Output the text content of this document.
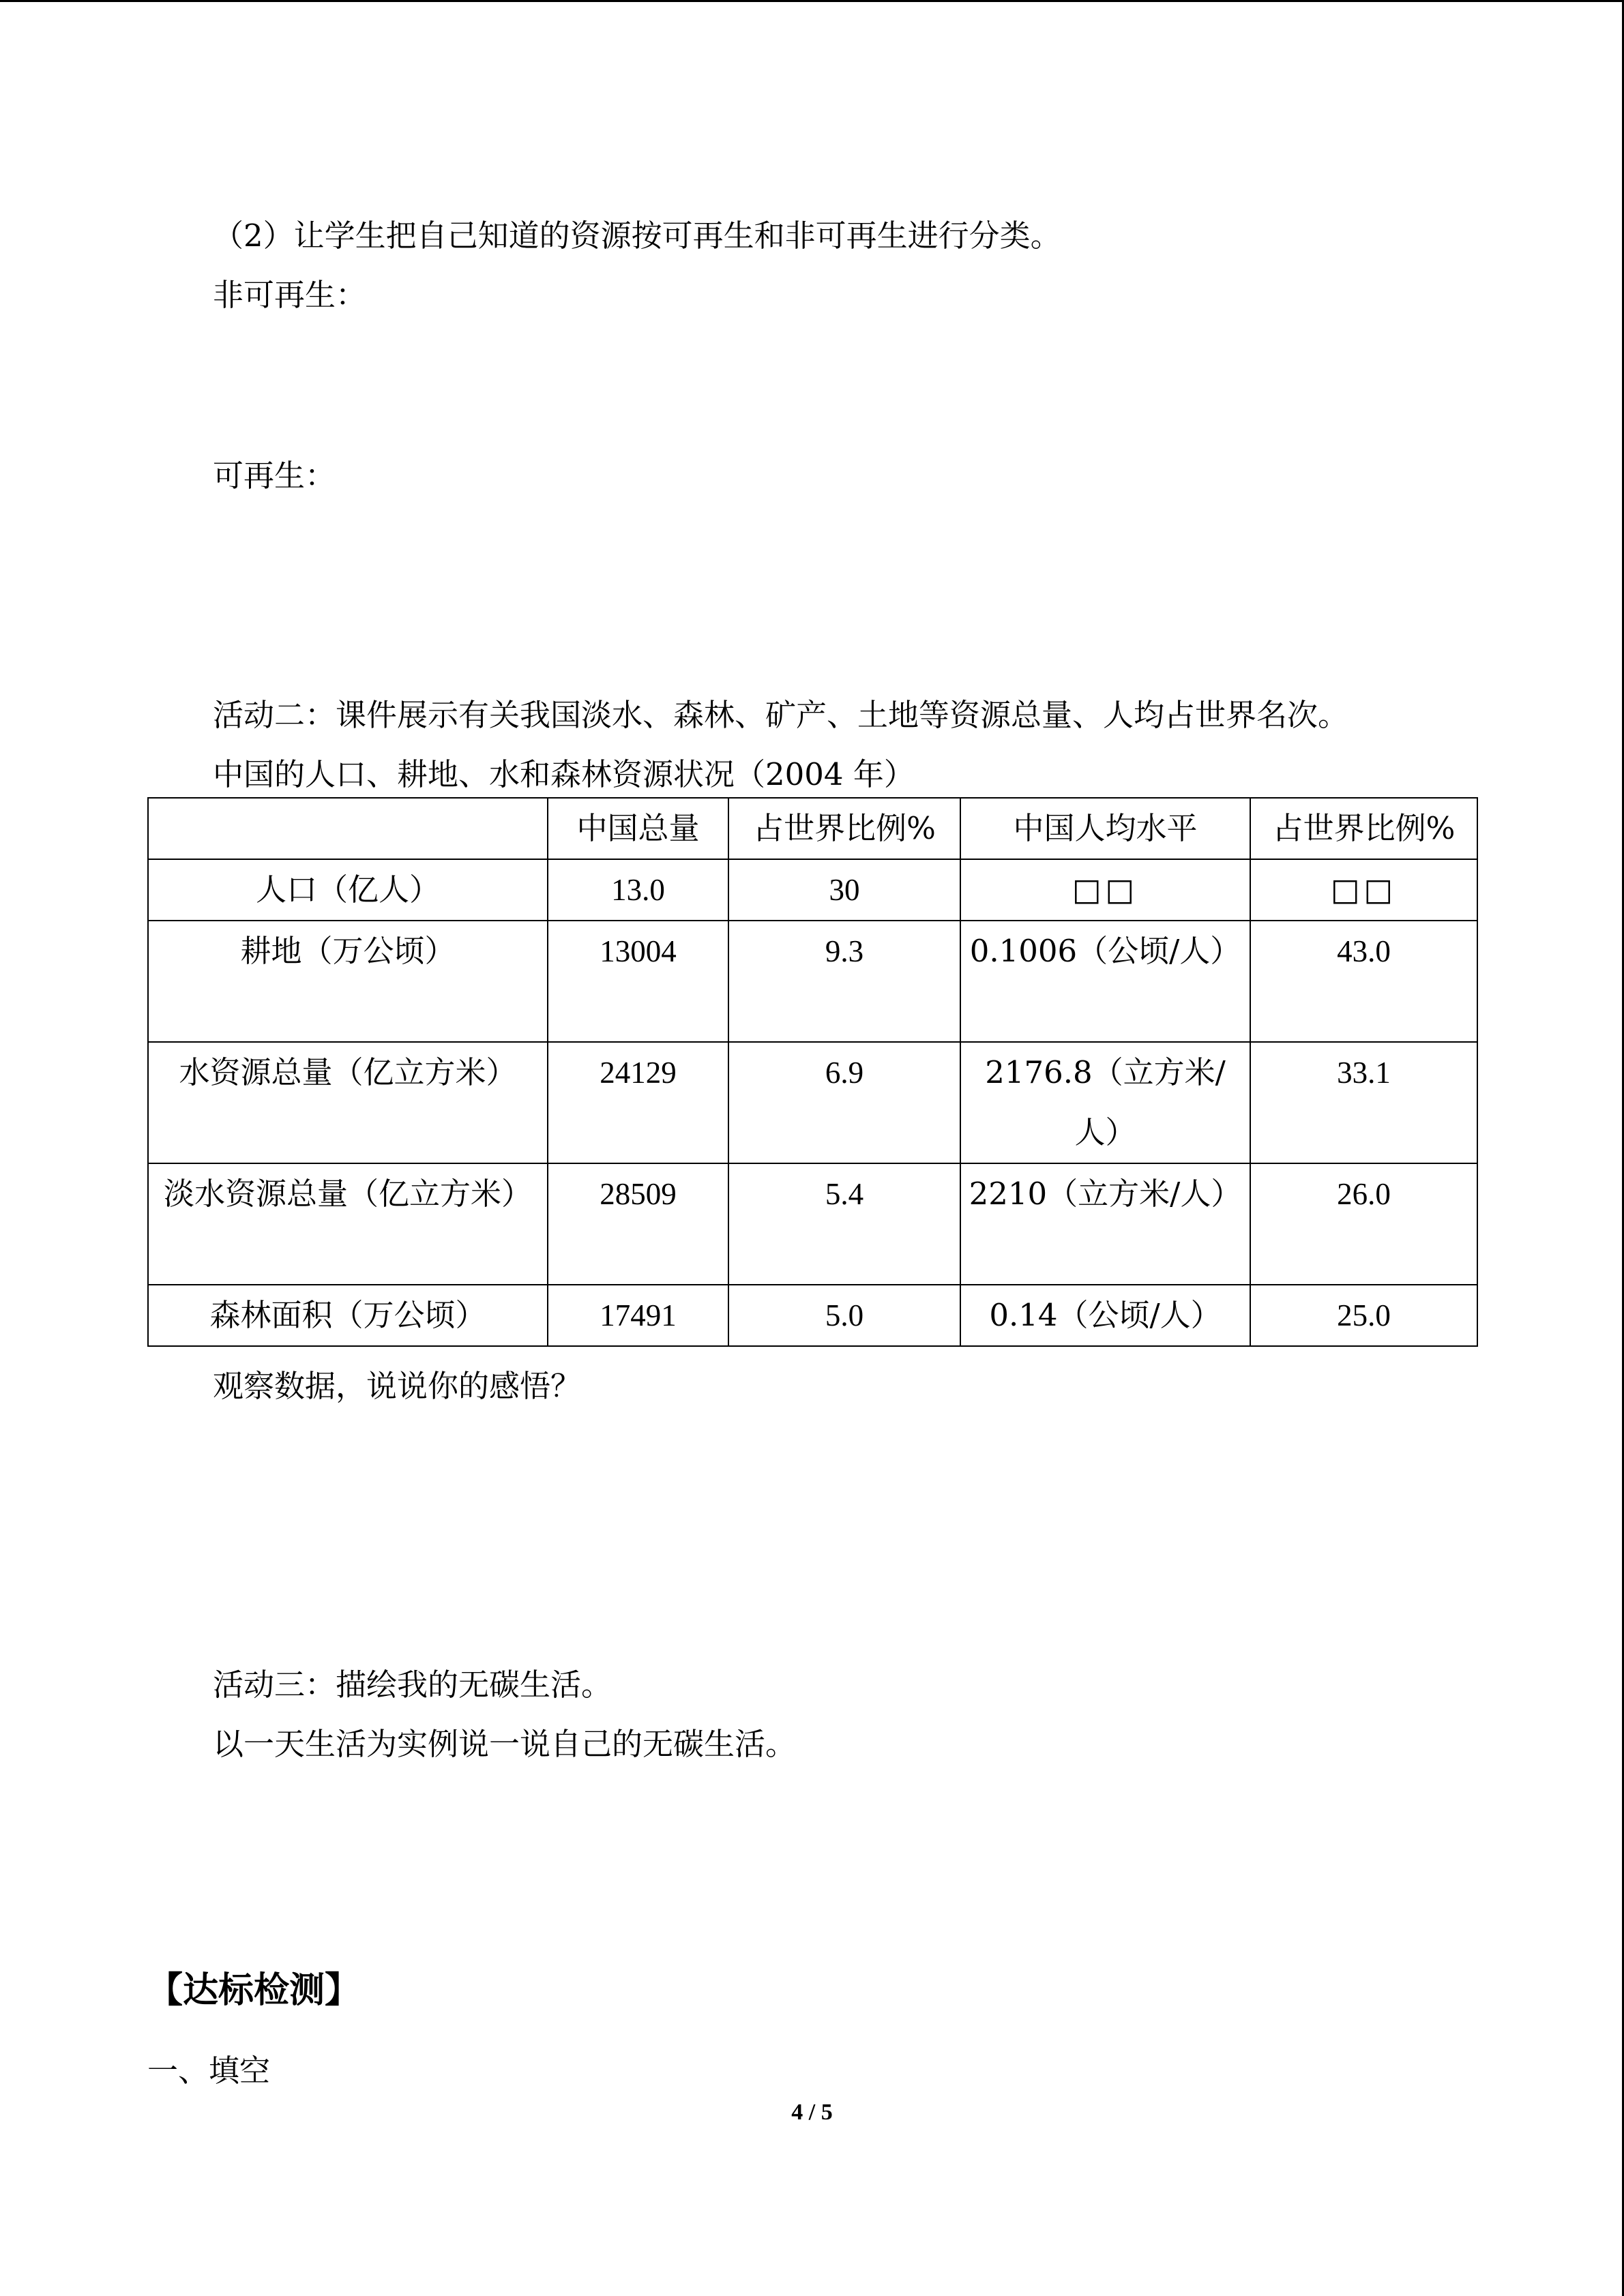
（2）让学生把自己知道的资源按可再生和非可再生进行分类。
非可再生：
可再生：
活动二：课件展示有关我国淡水、森林、矿产、土地等资源总量、人均占世界名次。
中国的人口、耕地、水和森林资源状况（2004 年）
	中国总量	占世界比例%	中国人均水平	占世界比例%
人口（亿人）	13.0	30	□□	□□
耕地（万公顷）	13004	9.3	0.1006（公顷/人）	43.0
水资源总量（亿立方米）	24129	6.9	2176.8（立方米/人）	33.1
淡水资源总量（亿立方米）	28509	5.4	2210（立方米/人）	26.0
森林面积（万公顷）	17491	5.0	0.14（公顷/人）	25.0
观察数据，说说你的感悟？
活动三：描绘我的无碳生活。
以一天生活为实例说一说自己的无碳生活。
【达标检测】
一、填空
4 / 5
